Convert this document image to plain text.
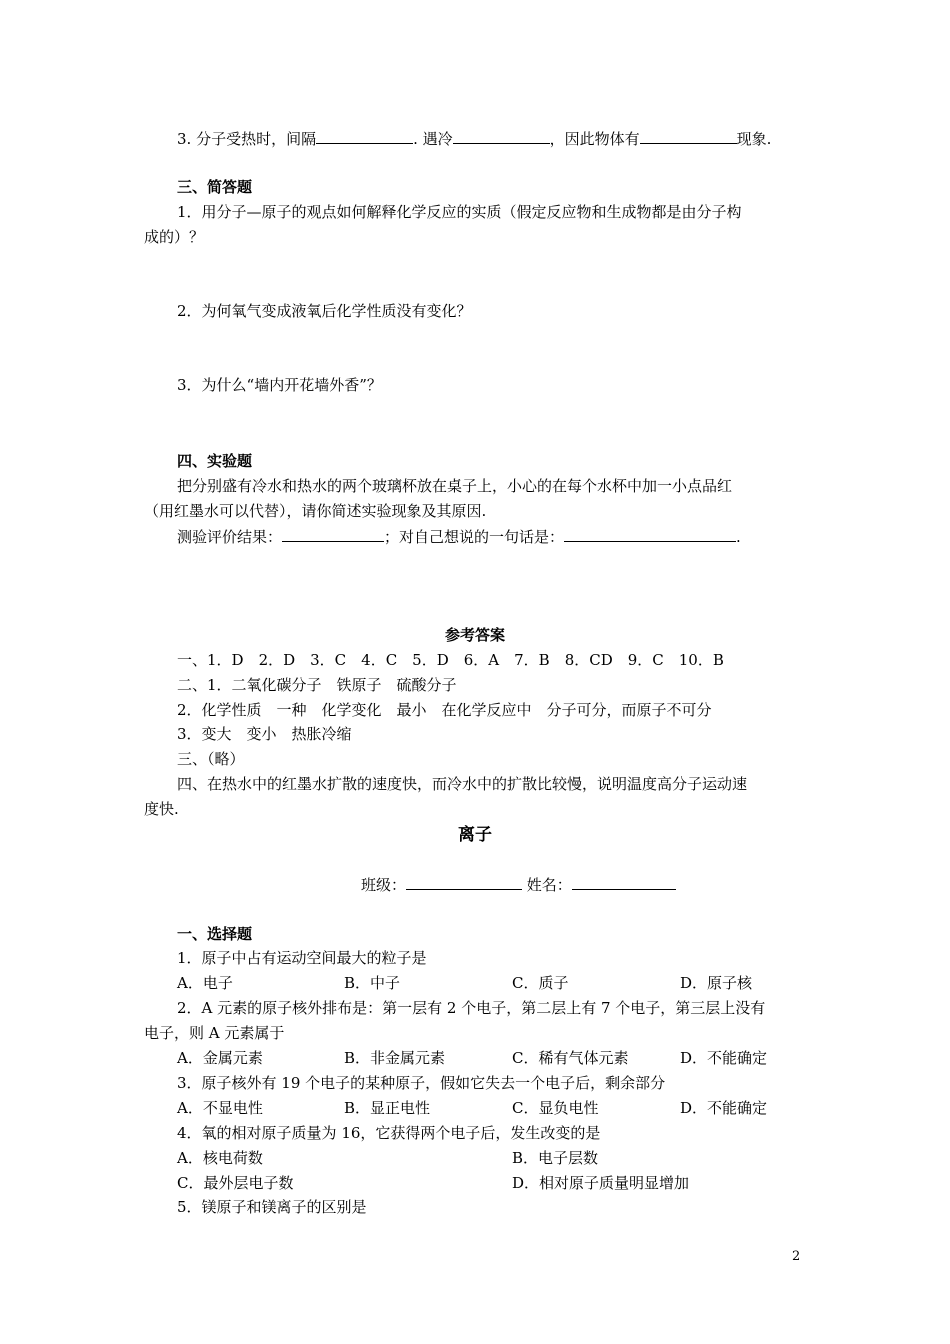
3. 分子受热时，间隔	. 遇冷	，因此物体有	现象.
三、简答题
1．用分子—原子的观点如何解释化学反应的实质（假定反应物和生成物都是由分子构
成的）？
2．为何氧气变成液氧后化学性质没有变化？
3．为什么“墙内开花墙外香”？
四、实验题
把分别盛有冷水和热水的两个玻璃杯放在桌子上，小心的在每个水杯中加一小点品红
（用红墨水可以代替），请你简述实验现象及其原因.
测验评价结果：	；对自己想说的一句话是：	.
参考答案
一、1．D　2．D　3．C　4．C　5．D　6．A　7．B　8．CD　9．C　10．B
二、1．二氧化碳分子　铁原子　硫酸分子
2．化学性质　一种　化学变化　最小　在化学反应中　分子可分，而原子不可分
3．变大　变小　热胀冷缩
三、（略）
四、在热水中的红墨水扩散的速度快，而冷水中的扩散比较慢，说明温度高分子运动速
度快.
离子
班级：	姓名：
一、选择题
1．原子中占有运动空间最大的粒子是
A．电子	B．中子	C．质子	D．原子核
2．A 元素的原子核外排布是：第一层有 2 个电子，第二层上有 7 个电子，第三层上没有
电子，则 A 元素属于
A．金属元素	B．非金属元素	C．稀有气体元素	D．不能确定
3．原子核外有 19 个电子的某种原子，假如它失去一个电子后，剩余部分
A．不显电性	B．显正电性	C．显负电性	D．不能确定
4．氧的相对原子质量为 16，它获得两个电子后，发生改变的是
A．核电荷数	B．电子层数
C．最外层电子数	D．相对原子质量明显增加
5．镁原子和镁离子的区别是
2
